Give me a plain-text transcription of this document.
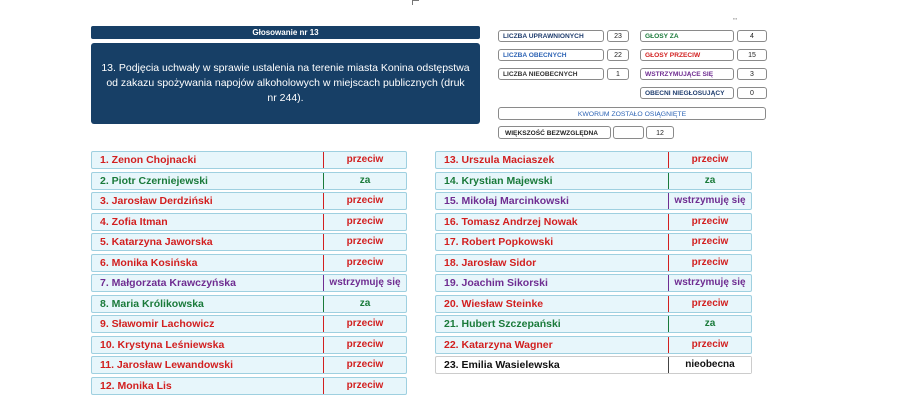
▪▪▪
Głosowanie nr 13
13. Podjęcia uchwały w sprawie ustalenia na terenie miasta Konina odstępstwa od zakazu spożywania napojów alkoholowych w miejscach publicznych (druk nr 244).
LICZBA UPRAWNIONYCH	23
LICZBA OBECNYCH	22
LICZBA NIEOBECNYCH	1
GŁOSY ZA	4
GŁOSY PRZECIW	15
WSTRZYMUJĄCE SIĘ	3
OBECNI NIEGŁOSUJĄCY	0
KWORUM ZOSTAŁO OSIĄGNIĘTE
WIĘKSZOŚĆ BEZWZGLĘDNA	12
1. Zenon Chojnacki	przeciw
2. Piotr Czerniejewski	za
3. Jarosław Derdziński	przeciw
4. Zofia Itman	przeciw
5. Katarzyna Jaworska	przeciw
6. Monika Kosińska	przeciw
7. Małgorzata Krawczyńska	wstrzymuję się
8. Maria Królikowska	za
9. Sławomir Lachowicz	przeciw
10. Krystyna Leśniewska	przeciw
11. Jarosław Lewandowski	przeciw
12. Monika Lis	przeciw
13. Urszula Maciaszek	przeciw
14. Krystian Majewski	za
15. Mikołaj Marcinkowski	wstrzymuję się
16. Tomasz Andrzej Nowak	przeciw
17. Robert Popkowski	przeciw
18. Jarosław Sidor	przeciw
19. Joachim Sikorski	wstrzymuję się
20. Wiesław Steinke	przeciw
21. Hubert Szczepański	za
22. Katarzyna Wagner	przeciw
23. Emilia Wasielewska	nieobecna
